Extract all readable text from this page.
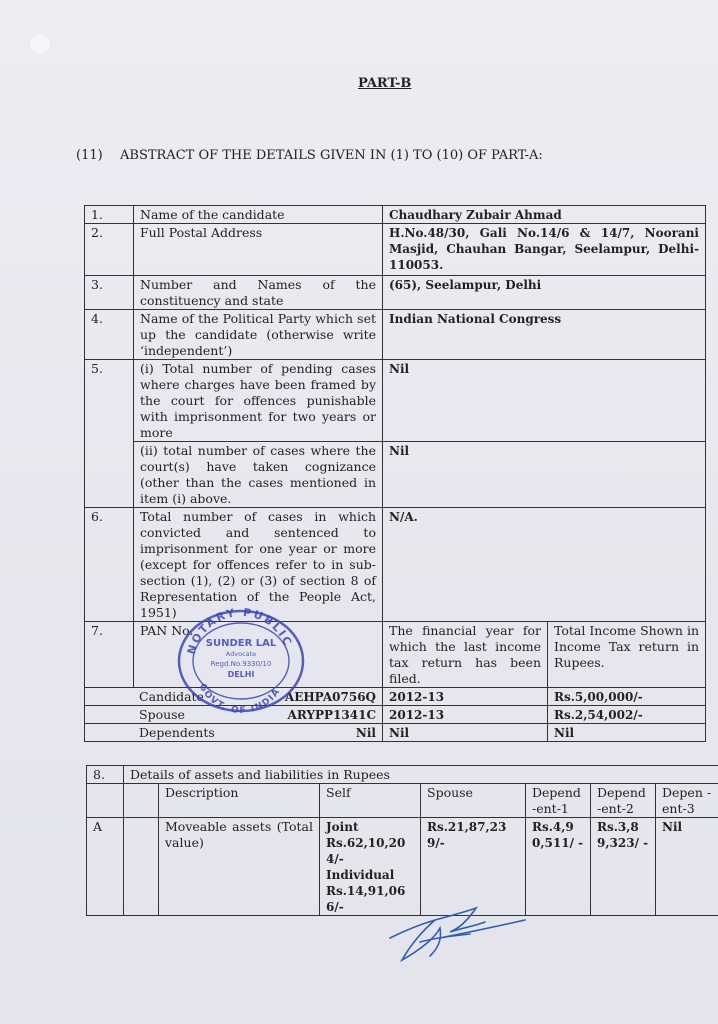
PART-B
(11) ABSTRACT OF THE DETAILS GIVEN IN (1) TO (10) OF PART-A:
1.	Name of the candidate	Chaudhary Zubair Ahmad	
2.	Full Postal Address	H.No.48/30, Gali No.14/6 & 14/7, Noorani Masjid, Chauhan Bangar, Seelampur, Delhi-110053.	
3.	Number and Names of the constituency and state	(65), Seelampur, Delhi	
4.	Name of the Political Party which set up the candidate (otherwise write ‘independent’)	Indian National Congress	
5.	(i) Total number of pending cases where charges have been framed by the court for offences punishable with imprisonment for two years or more	Nil	
	(ii) total number of cases where the court(s) have taken cognizance (other than the cases mentioned in item (i) above.	Nil	
6.	Total number of cases in which convicted and sentenced to imprisonment for one year or more (except for offences refer to in sub-section (1), (2) or (3) of section 8 of Representation of the People Act, 1951)	N/A.	
7.	PAN No.	The financial year for which the last income tax return has been filed.	Total Income Shown in Income Tax return in Rupees.
Candidate AEHPA0756Q		2012-13	Rs.5,00,000/-
Spouse ARYPP1341C		2012-13	Rs.2,54,002/-
Dependents Nil		Nil	Nil
NOTARY PUBLIC
GOVT. OF INDIA
SUNDER LAL
Advocate
Regd.No.9330/10
DELHI
8.	Details of assets and liabilities in Rupees						
		Description	Self	Spouse	Depend -ent-1	Depend -ent-2	Depen -ent-3
A		Moveable assets (Total value)	Joint Rs.62,10,20 4/- Individual Rs.14,91,06 6/-	Rs.21,87,23 9/-	Rs.4,9 0,511/ -	Rs.3,8 9,323/ -	Nil
